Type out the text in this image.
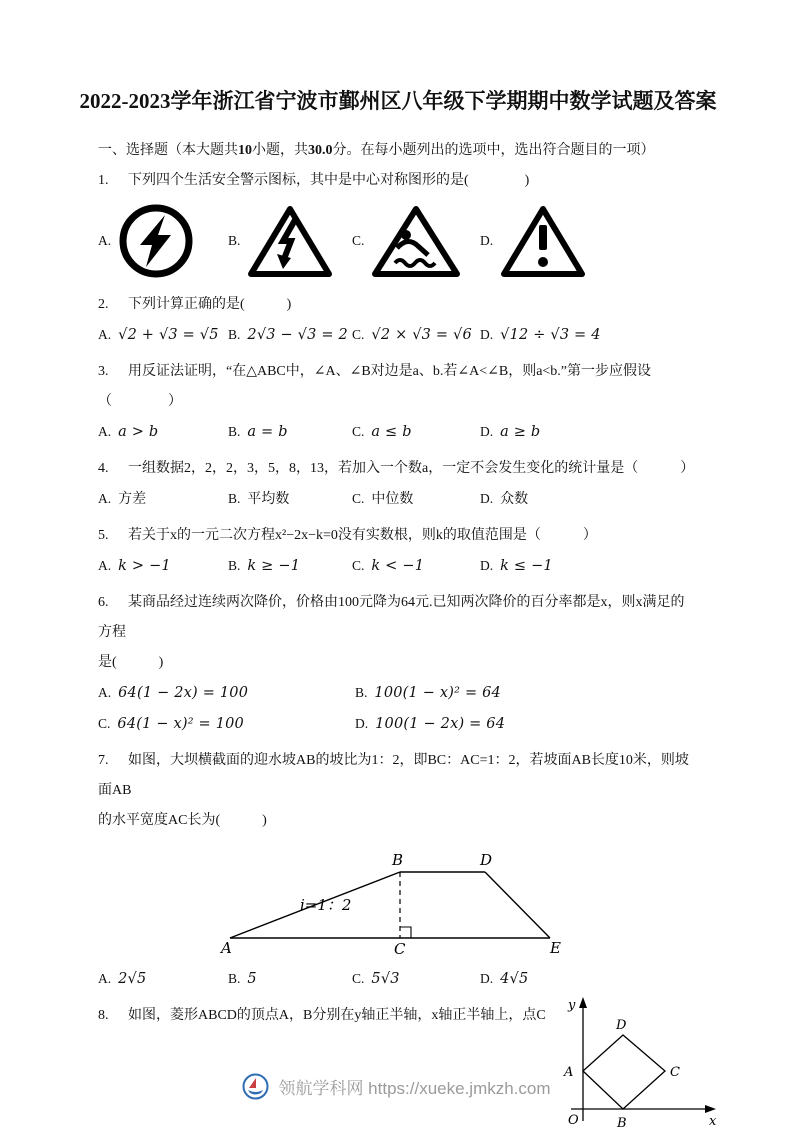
2022-2023学年浙江省宁波市鄞州区八年级下学期期中数学试题及答案
一、选择题（本大题共10小题，共30.0分。在每小题列出的选项中，选出符合题目的一项）
1. 下列四个生活安全警示图标，其中是中心对称图形的是(　　　　)
A.	B.	C.	D.
2. 下列计算正确的是(　　　)
A. √2 + √3 = √5 B. 2√3 − √3 = 2 C. √2 × √3 = √6 D. √12 ÷ √3 = 4
3. 用反证法证明，“在△ABC中，∠A、∠B对边是a、b.若∠A<∠B，则a<b.”第一步应假设
（　　　　）
A. a > b	B. a = b	C. a ≤ b	D. a ≥ b
4. 一组数据2，2，2，3，5，8，13，若加入一个数a，一定不会发生变化的统计量是（　　　）
A. 方差	B. 平均数	C. 中位数	D. 众数
5. 若关于x的一元二次方程x²−2x−k=0没有实数根，则k的取值范围是（　　　）
A. k > −1	B. k ≥ −1	C. k < −1	D. k ≤ −1
6. 某商品经过连续两次降价，价格由100元降为64元.已知两次降价的百分率都是x，则x满足的方程
是(　　　)
A. 64(1 − 2x) = 100	B. 100(1 − x)² = 64
C. 64(1 − x)² = 100	D. 100(1 − 2x) = 64
7. 如图，大坝横截面的迎水坡AB的坡比为1：2，即BC：AC=1：2，若坡面AB长度10米，则坡面AB
的水平宽度AC长为(　　　)
B	D
A	C	E
i=1：2
A. 2√5	B. 5	C. 5√3	D. 4√5
8. 如图，菱形ABCD的顶点A，B分别在y轴正半轴，x轴正半轴上，点C
y
x
O
A
B
C
D
领航学科网 https://xueke.jmkzh.com
